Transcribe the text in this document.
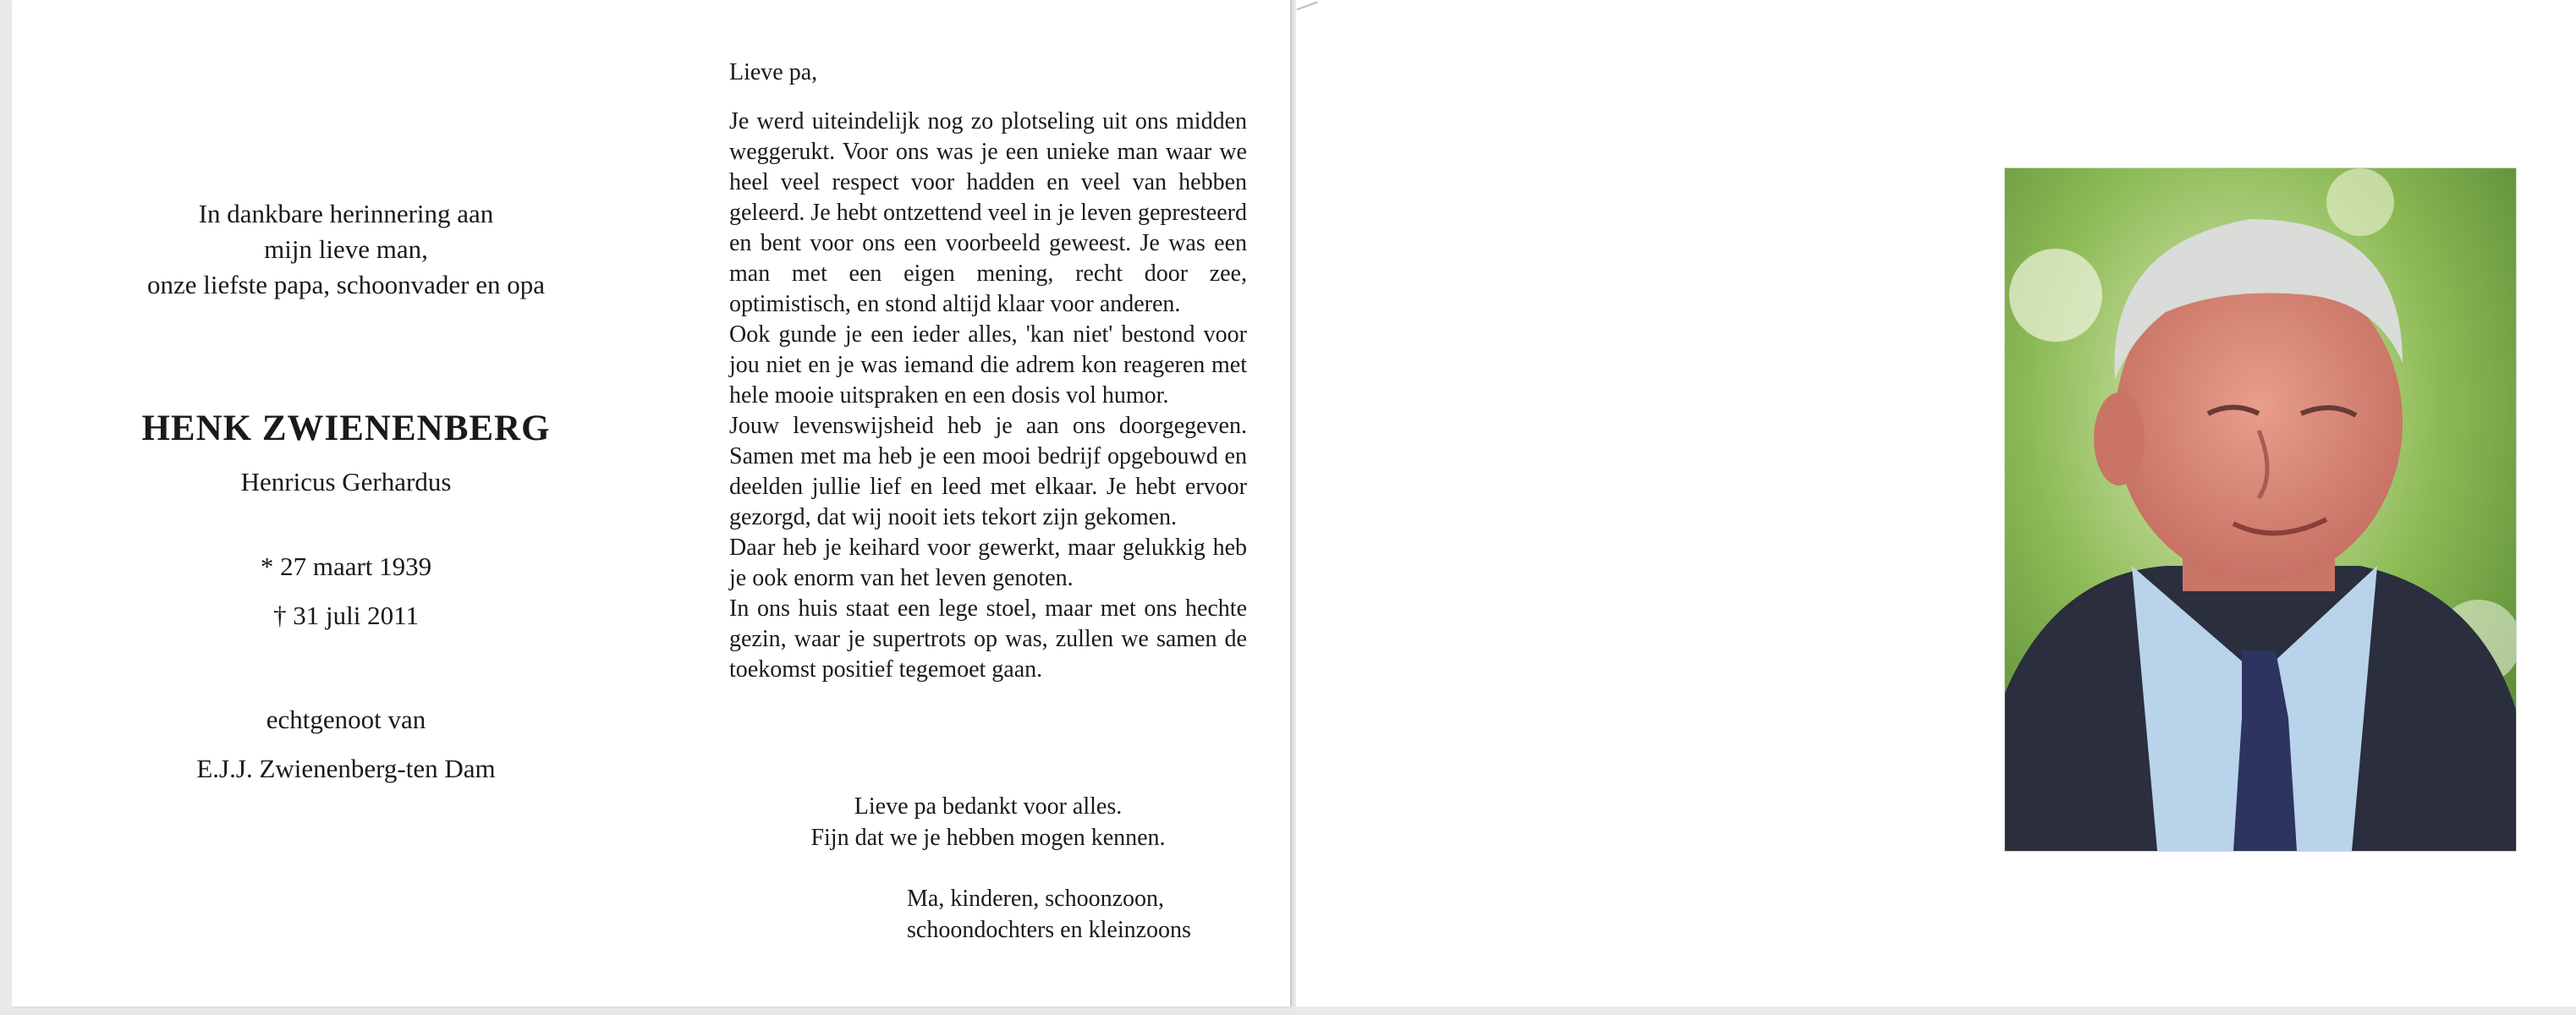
In dankbare herinnering aan
mijn lieve man,
onze liefste papa, schoonvader en opa
HENK ZWIENENBERG
Henricus Gerhardus
* 27 maart 1939
† 31 juli 2011
echtgenoot van
E.J.J. Zwienenberg-ten Dam
Lieve pa,

Je werd uiteindelijk nog zo plotseling uit ons midden weggerukt. Voor ons was je een unieke man waar we heel veel respect voor hadden en veel van hebben geleerd. Je hebt ontzettend veel in je leven gepresteerd en bent voor ons een voorbeeld geweest. Je was een man met een eigen mening, recht door zee, optimistisch, en stond altijd klaar voor anderen.

Ook gunde je een ieder alles, 'kan niet' bestond voor jou niet en je was iemand die adrem kon reageren met hele mooie uitspraken en een dosis vol humor.

Jouw levenswijsheid heb je aan ons doorgegeven. Samen met ma heb je een mooi bedrijf opgebouwd en deelden jullie lief en leed met elkaar. Je hebt ervoor gezorgd, dat wij nooit iets tekort zijn gekomen.

Daar heb je keihard voor gewerkt, maar gelukkig heb je ook enorm van het leven genoten.

In ons huis staat een lege stoel, maar met ons hechte gezin, waar je supertrots op was, zullen we samen de toekomst positief tegemoet gaan.

Lieve pa bedankt voor alles.
Fijn dat we je hebben mogen kennen.
Ma, kinderen, schoonzoon,
schoondochters en kleinzoons
